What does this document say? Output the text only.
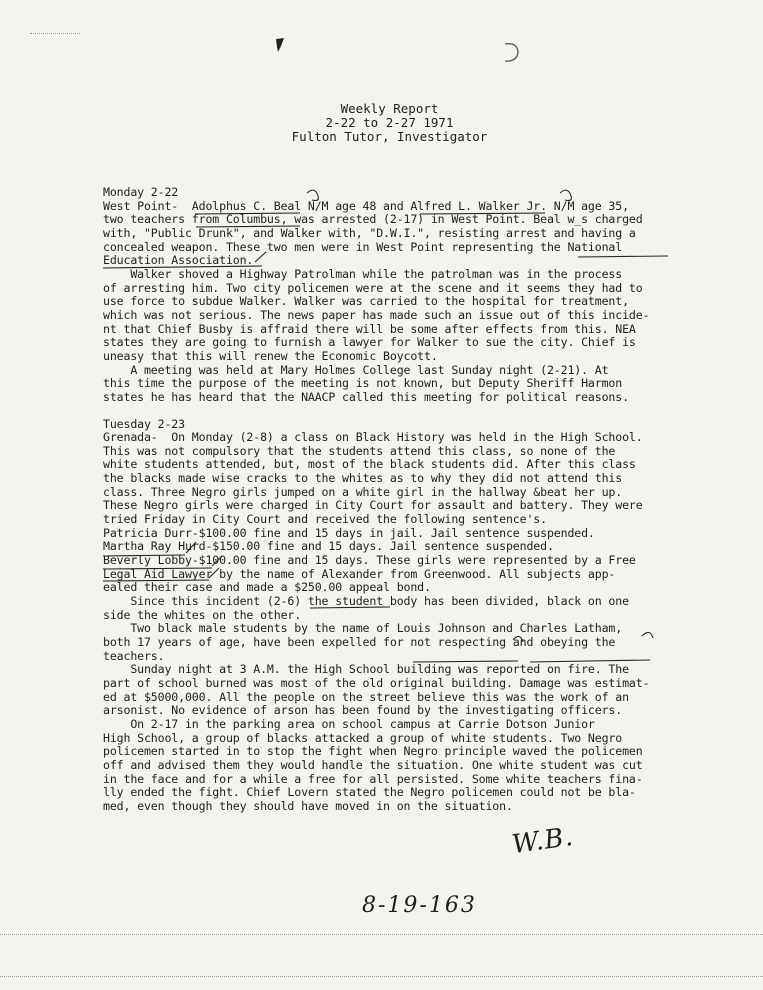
Weekly Report
2-22 to 2-27 1971
Fulton Tutor, Investigator

Monday 2-22

West Point-  Adolphus C. Beal N/M age 48 and Alfred L. Walker Jr. N/M age 35,

two teachers from Columbus, was arrested (2-17) in West Point. Beal w_s charged

with, "Public Drunk", and Walker with, "D.W.I.", resisting arrest and having a

concealed weapon. These two men were in West Point representing the National

Education Association.

Walker shoved a Highway Patrolman while the patrolman was in the process

of arresting him. Two city policemen were at the scene and it seems they had to

use force to subdue Walker. Walker was carried to the hospital for treatment,

which was not serious. The news paper has made such an issue out of this incide-

nt that Chief Busby is affraid there will be some after effects from this. NEA

states they are going to furnish a lawyer for Walker to sue the city. Chief is

uneasy that this will renew the Economic Boycott.

A meeting was held at Mary Holmes College last Sunday night (2-21). At

this time the purpose of the meeting is not known, but Deputy Sheriff Harmon

states he has heard that the NAACP called this meeting for political reasons.

Tuesday 2-23

Grenada-  On Monday (2-8) a class on Black History was held in the High School.

This was not compulsory that the students attend this class, so none of the

white students attended, but, most of the black students did. After this class

the blacks made wise cracks to the whites as to why they did not attend this

class. Three Negro girls jumped on a white girl in the hallway &beat her up.

These Negro girls were charged in City Court for assault and battery. They were

tried Friday in City Court and received the following sentence's.

Patricia Durr-$100.00 fine and 15 days in jail. Jail sentence suspended.

Martha Ray Hurd-$150.00 fine and 15 days. Jail sentence suspended.

Beverly Lobby-$100.00 fine and 15 days. These girls were represented by a Free

Legal Aid Lawyer by the name of Alexander from Greenwood. All subjects app-

ealed their case and made a $250.00 appeal bond.

Since this incident (2-6) the student body has been divided, black on one

side the whites on the other.

Two black male students by the name of Louis Johnson and Charles Latham,

both 17 years of age, have been expelled for not respecting and obeying the

teachers.

Sunday night at 3 A.M. the High School building was reported on fire. The

part of school burned was most of the old original building. Damage was estimat-

ed at $5000,000. All the people on the street believe this was the work of an

arsonist. No evidence of arson has been found by the investigating officers.

On 2-17 in the parking area on school campus at Carrie Dotson Junior

High School, a group of blacks attacked a group of white students. Two Negro

policemen started in to stop the fight when Negro principle waved the policemen

off and advised them they would handle the situation. One white student was cut

in the face and for a while a free for all persisted. Some white teachers fina-

lly ended the fight. Chief Lovern stated the Negro policemen could not be bla-

med, even though they should have moved in on the situation.

W.B.
8-19-163
